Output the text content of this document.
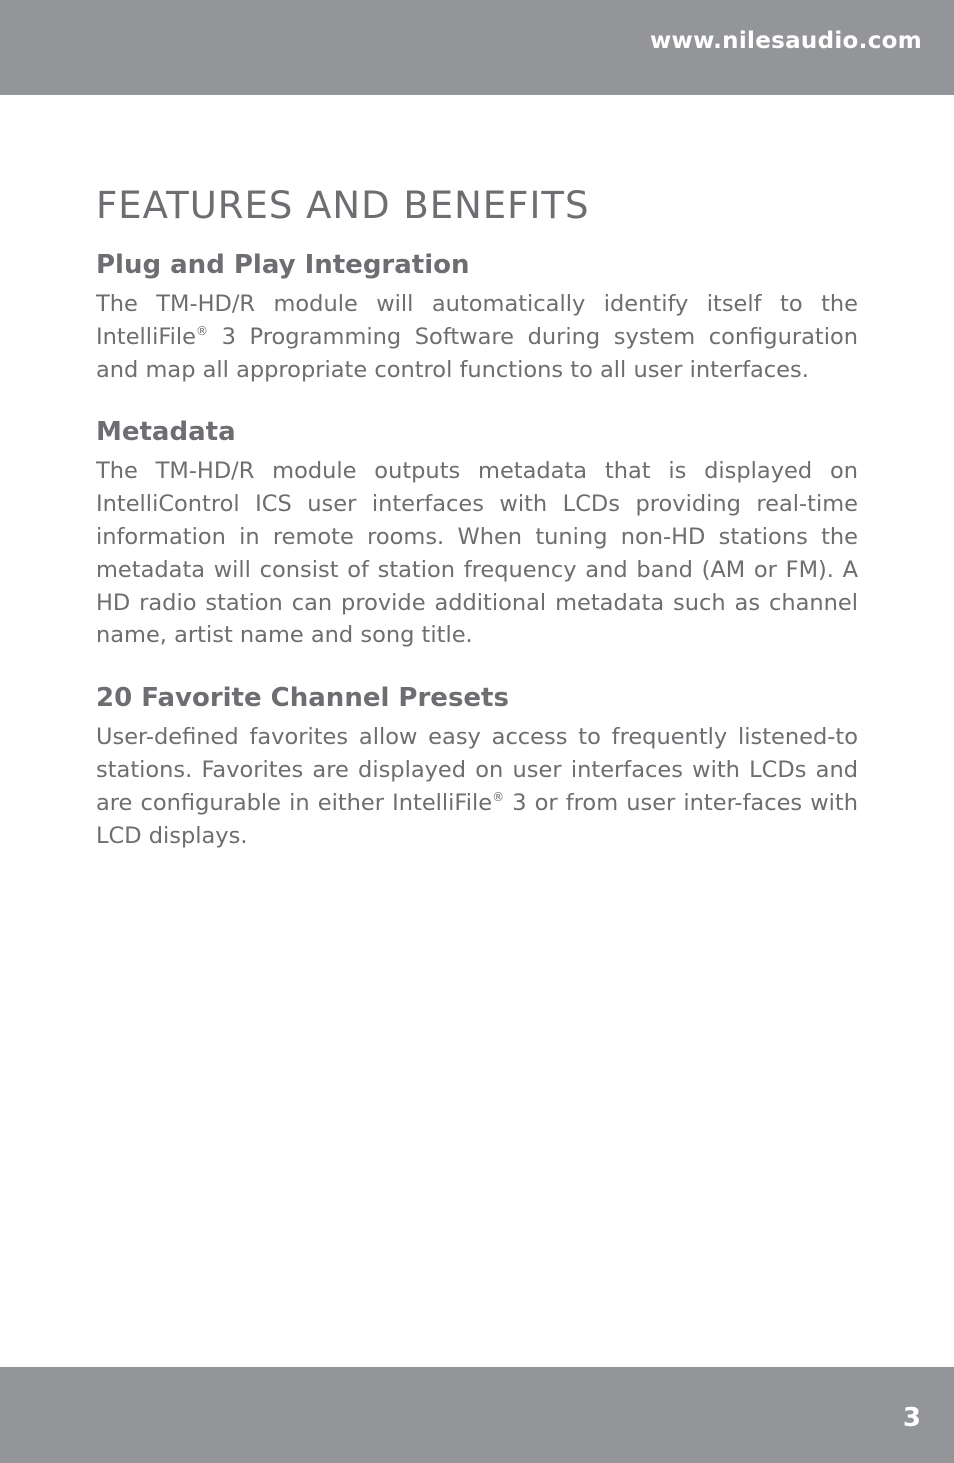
www.nilesaudio.com
FEATURES AND BENEFITS
Plug and Play Integration

The TM-HD/R module will automatically identify itself to the IntelliFile® 3 Programming Software during system configuration and map all appropriate control functions to all user interfaces.

Metadata

The TM-HD/R module outputs metadata that is displayed on IntelliControl ICS user interfaces with LCDs providing real-time information in remote rooms. When tuning non-HD stations the metadata will consist of station frequency and band (AM or FM). A HD radio station can provide additional metadata such as channel name, artist name and song title.

20 Favorite Channel Presets

User-defined favorites allow easy access to frequently listened-to stations. Favorites are displayed on user interfaces with LCDs and are configurable in either IntelliFile® 3 or from user inter-faces with LCD displays.

3
